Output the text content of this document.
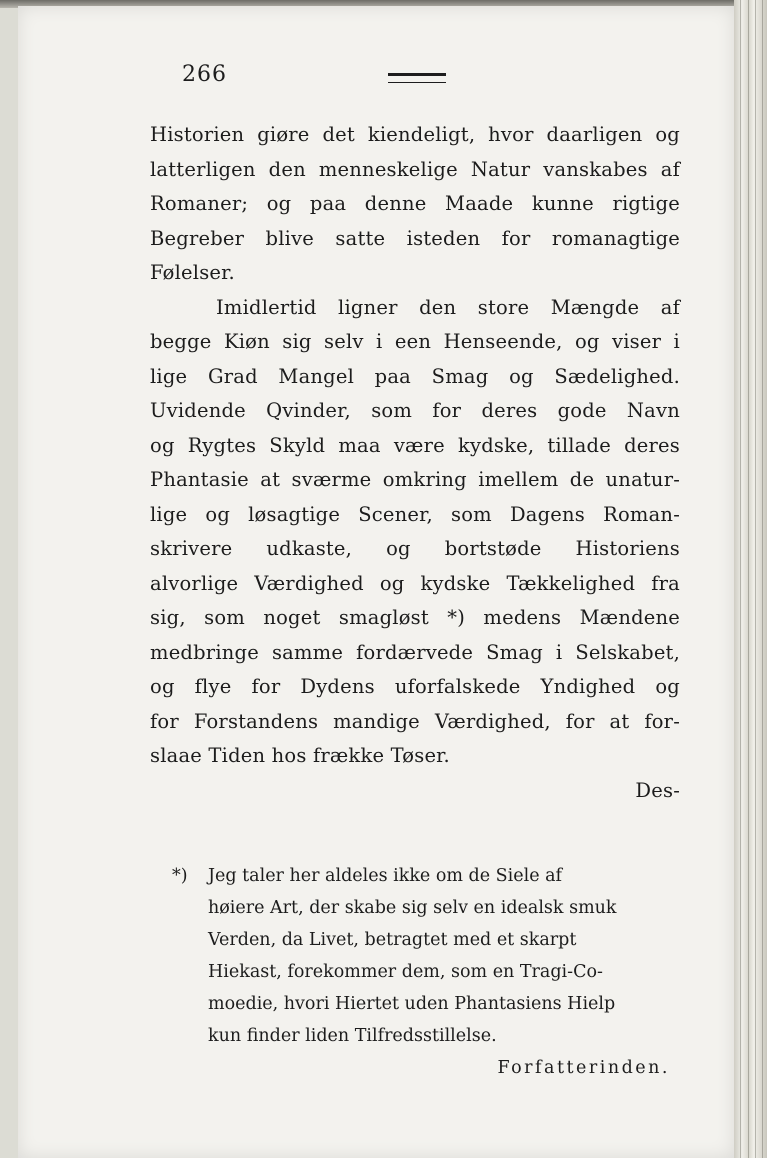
266
Historien giøre det kiendeligt, hvor daarligen og
latterligen den menneskelige Natur vanskabes af
Romaner; og paa denne Maade kunne rigtige
Begreber blive satte isteden for romanagtige
Følelser.
Imidlertid ligner den store Mængde af
begge Kiøn sig selv i een Henseende, og viser i
lige Grad Mangel paa Smag og Sædelighed.
Uvidende Qvinder, som for deres gode Navn
og Rygtes Skyld maa være kydske, tillade deres
Phantasie at sværme omkring imellem de unatur-
lige og løsagtige Scener, som Dagens Roman-
skrivere udkaste, og bortstøde Historiens
alvorlige Værdighed og kydske Tækkelighed fra
sig, som noget smagløst *) medens Mændene
medbringe samme fordærvede Smag i Selskabet,
og flye for Dydens uforfalskede Yndighed og
for Forstandens mandige Værdighed, for at for-
slaae Tiden hos frække Tøser.
Des-
*) Jeg taler her aldeles ikke om de Siele af
høiere Art, der skabe sig selv en idealsk smuk
Verden, da Livet, betragtet med et skarpt
Hiekast, forekommer dem, som en Tragi-Co-
moedie, hvori Hiertet uden Phantasiens Hielp
kun finder liden Tilfredsstillelse.
Forfatterinden.
